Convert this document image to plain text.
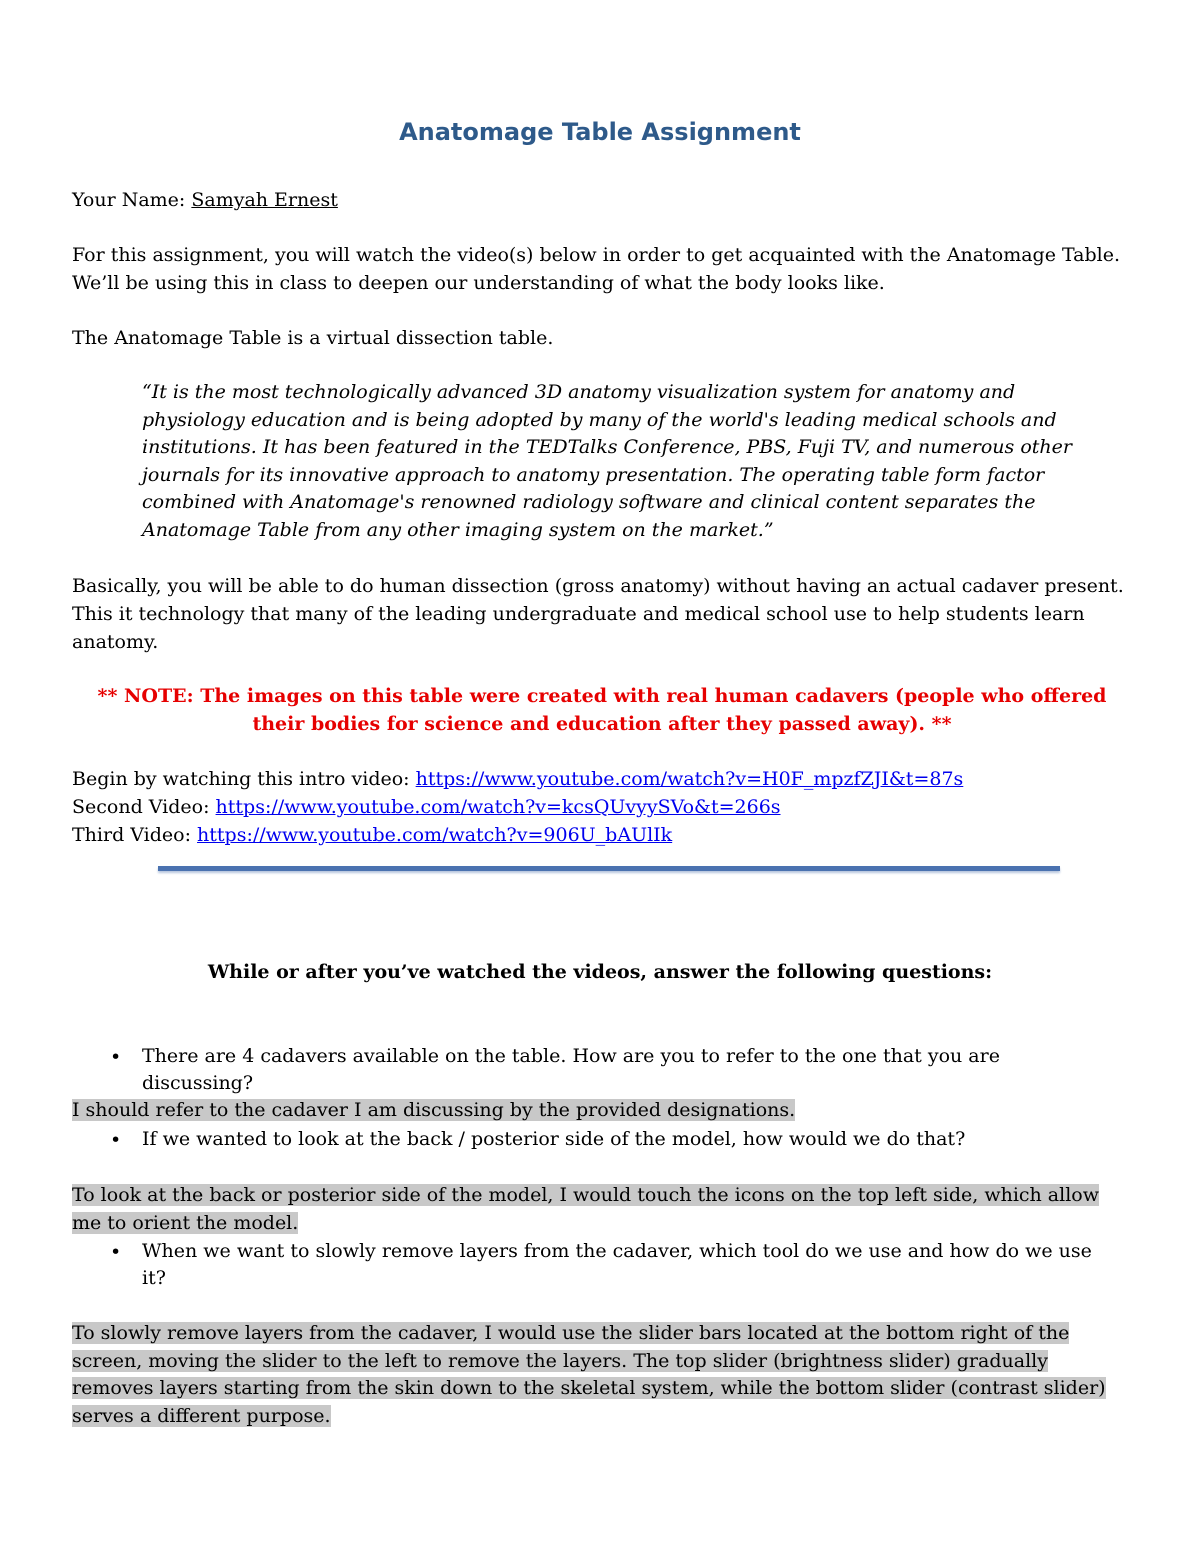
Anatomage Table Assignment
Your Name: Samyah Ernest
For this assignment, you will watch the video(s) below in order to get acquainted with the Anatomage Table. We’ll be using this in class to deepen our understanding of what the body looks like.
The Anatomage Table is a virtual dissection table.
“It is the most technologically advanced 3D anatomy visualization system for anatomy and physiology education and is being adopted by many of the world's leading medical schools and institutions. It has been featured in the TEDTalks Conference, PBS, Fuji TV, and numerous other journals for its innovative approach to anatomy presentation. The operating table form factor combined with Anatomage's renowned radiology software and clinical content separates the Anatomage Table from any other imaging system on the market.”
Basically, you will be able to do human dissection (gross anatomy) without having an actual cadaver present. This it technology that many of the leading undergraduate and medical school use to help students learn anatomy.
** NOTE: The images on this table were created with real human cadavers (people who offered their bodies for science and education after they passed away). **
Begin by watching this intro video: https://www.youtube.com/watch?v=H0F_mpzfZJI&t=87s
Second Video: https://www.youtube.com/watch?v=kcsQUvyySVo&t=266s
Third Video: https://www.youtube.com/watch?v=906U_bAUlIk
While or after you’ve watched the videos, answer the following questions:
• There are 4 cadavers available on the table. How are you to refer to the one that you are discussing?
I should refer to the cadaver I am discussing by the provided designations.
• If we wanted to look at the back / posterior side of the model, how would we do that?
To look at the back or posterior side of the model, I would touch the icons on the top left side, which allow me to orient the model.
• When we want to slowly remove layers from the cadaver, which tool do we use and how do we use it?
To slowly remove layers from the cadaver, I would use the slider bars located at the bottom right of the screen, moving the slider to the left to remove the layers. The top slider (brightness slider) gradually removes layers starting from the skin down to the skeletal system, while the bottom slider (contrast slider) serves a different purpose.
